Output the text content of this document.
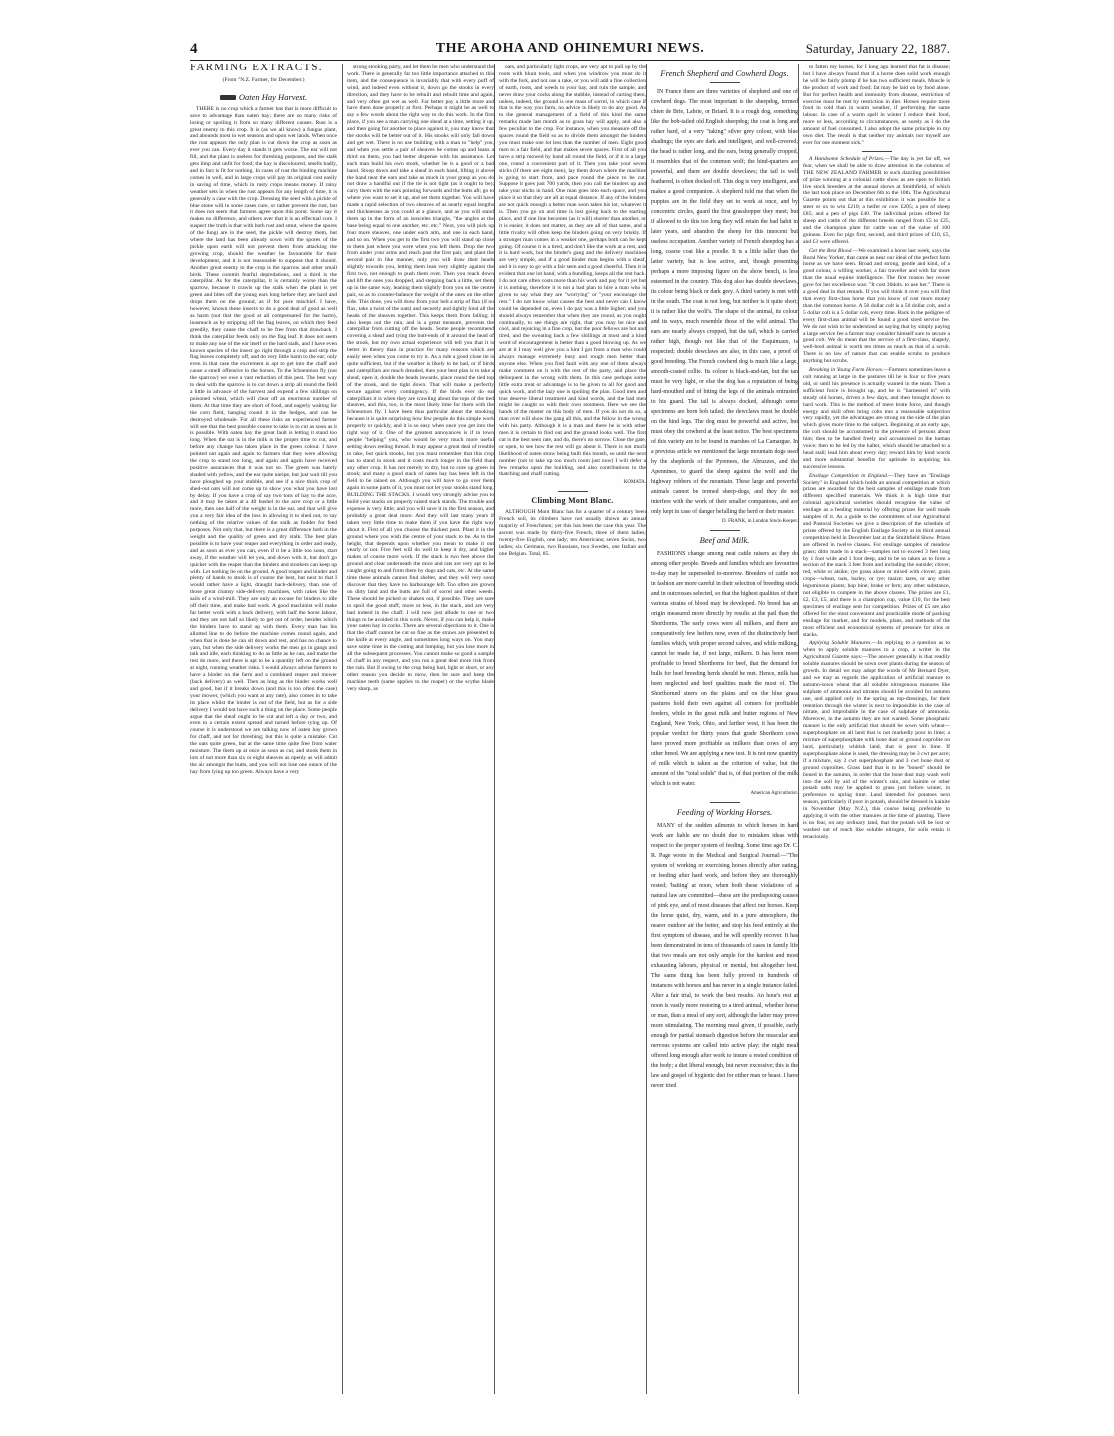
4	THE AROHA AND OHINEMURI NEWS.	Saturday, January 22, 1887.
FARMING EXTRACTS.
(From "N.Z. Farmer, for December.)
Oaten Hay Harvest.

THERE is no crop which a farmer has that is more difficult to save to advantage than oaten hay; there are so many risks of losing or spoiling it from so many different causes. Rust is a great enemy to this crop. It is (as we all know) a fungus plant, and abounds most in wet seasons and upon wet lands. When once the rust appears the only plan is cut down the crop as soon as ever you can. Every day it stands it gets worse. The ear will not fill, and the plant is useless for threshing purposes, and the stalk gets limp and unfit for food; the hay is discoloured, smells badly, and in fact is fit for nothing. In cases of rust the binding machine comes in well, and in large crops will pay its original cost easily in saving of time, which in rusty crops means money. If rainy weather sets in when the rust appears for any length of time, it is generally a case with the crop. Dressing the seed with a pickle of blue stone will in some cases cure, or rather prevent the rust, but it does not seem that farmers agree upon this point. Some say it makes no difference, and others aver that it is an effectual cure. I suspect the truth is that with both rust and smut, where the spores of the fungi are in the seed, the pickle will destroy them, but where the land has been already sown with the spores of the pickle upon earth will not prevent them from attacking the growing crop, should the weather be favourable for their development, and it is not reasonable to suppose that it should. Another great enemy to the crop is the sparrow and other small birds. These commit fearful depredations, and a third is the caterpillar. As for the caterpillar, it is certainly worse than the sparrow, because it crawls up the stalk when the plant is yet green and bites off the young ears long before they are hard and drops them on the ground, as if for pure mischief. I have, however, known these insects to do a good deal of good as well as harm (not that the good at all compensated for the harm), inasmuch as by stripping off the flag leaves, on which they feed greedily, they cause the chaff to be free from that drawback. I think the caterpillar feeds only on the flag leaf. It does not seem to make any use of the ear itself or the hard stalk, and I have even known species of the insect go right through a crop and strip the flag leaves completely off, and do very little harm to the ear; only even in that case the excrement is apt to get into the chaff and cause a smell offensive to the horses. To the Ichneumon fly (not the sparrow) we owe a vast reduction of this pest. The best way to deal with the sparrow is to cut down a strip all round the field a little in advance of the harvest and expend a few shillings on poisoned wheat, which will clear off an enormous number of them. At that time they are short of food, and eagerly waiting for the corn field, hanging round it in the hedges, and can be destroyed wholesale. For all these risks an experienced farmer will see that the best possible course to take is to cut as soon as it is possible. With oaten hay the great fault is letting it stand too long. When the oat is in the milk is the proper time to cut, and before any change has taken place in the green colour. I have pointed out again and again to farmers that they were allowing the crop to stand too long, and again and again have received positive assurances that it was not so. The green was barely shaded with yellow, and the ear quite unripe, but just wait till you have ploughed up your stubble, and see if a nice thick crop of shed-out oats will not come up to show you what you have lost by delay. If you have a crop of say two tons of hay to the acre, and it may be taken at a 40 bushel to the acre crop or a little more, then one half of the weight is in the ear, and that will give you a very fair idea of the loss in allowing it to shed out, to say nothing of the relative values of the stalk as fodder for feed purposes. Not only that, but there is a great difference both in the weight and the quality of green and dry stalk. The best plan possible is to have your reaper and everything in order and ready, and as soon as ever you can, even if it be a little too soon, start away, if the weather will let you, and down with it, but don't go quicker with the reaper than the binders and stookers can keep up with. Let nothing lie on the ground. A good reaper and binder and plenty of hands to stook is of course the best, but next to that I would rather have a light, draught back-delivery, than one of those great clumsy side-delivery machines, with rakes like the sails of a wind-mill. They are only an excuse for binders to idle off their time, and make bad work. A good machinist will make far better work with a back delivery, with half the horse labour, and they are not half so likely to get out of order, besides which the binders have to stand up with them. Every man has his allotted line to do before the machine comes round again, and when that is done he can sit down and rest, and has no chance to yarn, but when the side delivery works the men go in gangs and talk and idle, each thinking to do as little as he can, and make the rest do more, and there is apt to be a quantity left on the ground at night, running weather risks. I would always advise farmers to have a binder on the farm and a combined reaper and mower (back delivery) as well. Then as long as the binder works well and good, but if it breaks down (and this is too often the case) your mower, (which you want at any rate), also comes in to take its place whilst the binder is out of the field, but as for a side delivery I would not have such a thing on the place. Some people argue that the sheaf ought to be cut and left a day or two, and even to a certain extent spread and turned before tying up. Of course it is understood we are talking now of oaten hay grown for chaff, and not for threshing; but this is quite a mistake. Cut the oats quite green, but at the same time quite free from water moisture. The them up at once as soon as cut, and stook them in lots of not more than six or eight sheaves as openly as will admit the air amongst the butts, and you will not lose one ounce of the hay from lying up too green. Always have a very

strong stooking party, and let them be men who understand the work. There is generally far too little importance attached to this item, and the consequence is invariably that with every puff of wind, and indeed even without it, down go the stooks in every direction, and they have to be rebuilt and rebuilt time and again, and very often get wet as well. Far better pay a little more and have them done properly at first. Perhaps it might be as well to say a few words about the right way to do this work. In the first place, if you see a man carrying one sheaf at a time, setting it up, and then going for another to place against it, you may know that the stooks will be better out of it. His stooks will only fall down and get wet. There is no use building with a man to "help" you, and when you settle a pair of sheaves he comes up and leans a third on them, you had better dispense with his assistance. Let each man build his own stook, whether he is a good or a bad hand. Stoop down and take a sheaf in each hand, lifting it above the band near the ears and take as much in your grasp as you do not draw a handful out if the tie is not tight (as it ought to be); carry them with the ears pointing forwards and the butts aft; go to where you want to set it up, and set them together. You will have made a rapid selection of two sheaves of as nearly equal lengths and thicknesses as you could at a glance, and as you will stand them up in the form of an isosceles triangle, "the angles at the base being equal to one another, etc. etc." Next, you will pick up four more sheaves, one under each arm, and one in each hand, and so on. When you get to the first two you will stand up close to them just where you were when you left them. Drop the two from under your arms and reach past the first pair, and plant the second pair in like manner, only you will draw their heads slightly towards you, letting them lean very slightly against the first two, not enough to push them over. Then you reach down and lift the ones you dropped, and stepping back a little, set them up in the same way, leaning them slightly from you on the centre pair, so as to counter-balance the weight of the ones on the other side. This done, you will draw from your belt a strip of flax (if no flax, take a twist of the oats) and securely and tightly bind all the heads of the sheaves together. This keeps them from falling; it also keeps out the rain, and is a great measure, prevents the caterpillar from cutting off the heads. Some people recommend covering a sheaf and tying the butt-ends of it around the head of the stook, but my own actual experience will tell you that it is better in theory than in practice for many reasons which are easily seen when you come to try it. As a rule a good close tie is quite sufficient, but if the weather is likely to be bad, or if birds and caterpillars are much dreaded, then your best plan is to take a sheaf, open it, double the heads inwards, place round the tied top of the stook, and tie tight down. That will make a perfectly secure against every contingency. If the birds ever do eat caterpillars it is when they are crawling about the tops of the tied sheaves, and this, too, is the most likely time for them with the Ichneumon fly. I have been thus particular about the stooking because it is quite surprising how few people do this simple work properly or quickly, and it is so easy when once you get into the right way of it. One of the greatest annoyances is if in town people "helping" you, who would be very much more useful setting down reeling thread. It may appear a great deal of trouble to take, but quick stooks, but you must remember that this crop has to stand in stook and it costs much longer in the field than any other crop. It has not merely to dry, but to cure up green in stook; and many a good stack of oaten hay has been left in the field to be rained on. Although you will have to go over them again in some parts of it, you must not let your stooks stand long. BUILDING THE STACKS. I would very strongly advise you to build your stacks on properly raised stack stands. The trouble and expense is very little, and you will save it in the first season, and probably a great deal more. And they will last many years if taken very little time to make them if you have the right way about it. First of all you choose the thickest post. Plant it in the ground where you wish the centre of your stack to be. As to the height, that depends upon whether you mean to make it out yearly or not. Five feet will do well to keep it dry, and higher makes of course more work. If the stack is two feet above the ground and clear underneath the mice and rats are very apt to be caught going to and from there by dogs and cats, etc. At the same time these animals cannot find shelter, and they will very soon discover that they have no harbourage left. Too often are grown on dirty land and the butts are full of sorrel and other weeds. These should be picked or shaken out, if possible. They are sure to spoil the good stuff, more or less, in the stack, and are very bad indeed in the chaff. I will now just allude to one or two things to be avoided in this work. Never, if you can help it, make your oaten hay in cocks. There are several objections to it. One is that the chaff cannot be cut so fine as the straws are presented to the knife at every angle, and sometimes long ways on. You may save some time in the cutting and lumping, but you lose more in all the subsequent processes. You cannot make so good a sample of chaff in any respect, and you run a great deal more risk from the rain. But if owing to the crop being bad, light or short, or any other reason you decide to mow, then be sure and keep the machine teeth (same applies to the reaper) or the scythe blade very sharp, as

oats, and particularly light crops, are very apt to pull up by the roots with blunt tools, and when you windrow you must do it with the fork, and not use a rake, or you will add a fine collection of earth, roots, and weeds to your hay, and ruin the sample, and never draw your cocks along the stubble, instead of carting them, unless, indeed, the ground is one mass of sorrel, in which case if that is the way you farm, no advice is likely to do any good. As to the general management of a field of this kind the same remarks made last month as to grass hay will apply, and also a few peculiar to the crop. For instance, when you measure off the spaces round the field so as to divide them amongst the binders you must make one lot less than the number of men. Eight good men to a fair field, and that makes seven spaces. First of all you have a strip mowed by hand all round the field, or if it is a large one, round a convenient part of it. Then you take your seven sticks (if there are eight men), lay them down where the machine is going to start from, and pace round the piece to be cut. Suppose it goes just 700 yards, then you call the binders up and take your sticks in hand. One man goes into each space, and you place it so that they are all at equal distance. If any of the binders are not quick enough a better man soon takes his lot, whatever it is. Then you go on and time is lost going back to the starting place, and if one line becomes (as it will) shorter than another, or it is easier, it does not matter, as they are all of that same, and a little rivalry will often keep the binders going on very briskly. If a stronger man comes in a weaker one, perhaps both can be kept going. Of course it is a tired, and don't like the work at a rest, and it is hard work, but the binder's gang and the delivery machines are very simple, and if a good binder man begins with a sheaf, and it is easy to go with a fair seen and a good cheerful. Then it is evident that one lot hand, with a bundling, keeps all the rest back. I do not care often costs more than his work and pay for it yet but it is nothing, therefore it is not a bad plan to hire a man who is given to say what they are "worrying" or "your encourage the rest." I do not know what causes the best and never can I know could be depended on, even I do pay was a little higher; and you should always remember that when they are round, as you ought continually, to see things are right, that you may be nice and cool, and rejoicing in a fine crop, but the poor fellows are hot and tired, and the sweating back a few shillings at most and a kind word of encouragement is better than a good blowing up. As we are at it I may well give you a hint I got from a man who could always manage extremely busy and rough men better than anyone else. When you find fault with any one of them always make comment on it with the rest of the party, and place the delinquent in the wrong with them. In this case perhaps some little extra treat or advantage is to be given to all for good and quick work, and the lazy one is spoiling the plan. Good men and true deserve liberal treatment and kind words, and the bad men might be caught so with their own stoutness. Here we see the hands of the master on this body of men. If you do not do so, a man over will show the gang all this, and the fellow in the wrong with his party. Although it is a man and there he is with other men it is certain to find out and the ground looks well. The first cut is the best seen rate, and do, there's no sorrow. Close the gate, or open, to see how the rest will go about it. There is not much likelihood of oaten straw being built this month, so until the next number (not to take up too much room just now) I will defer a few remarks upon the building, and also contributions to the thatching and chaff cutting.

KOMATA.
Climbing Mont Blanc.

ALTHOUGH Mont Blanc has for a quarter of a century been French soil, its climbers have not usually shown an annual majority of Frenchmen; yet this has been the case this year. The ascent was made by thirty-five French, three of them ladies; twenty-five English, one lady; ten Americans; seven Swiss, two ladies; six Germans, two Russians, two Swedes, one Italian and one Belgian. Total, 85.

French Shepherd and Cowherd Dogs.

IN France there are three varieties of shepherd and one of cowherd dogs. The most important is the sheepdog, termed chien de Brie, Labrie, or Briard. It is a rough dog, something like the bob-tailed old English sheepdog; the coat is long and rather hard, of a very "taking" silver grey colour, with blue shadings; the eyes are dark and intelligent, and well-covered; the head is rather long, and the ears, being generally cropped, it resembles that of the common wolf; the hind-quarters are powerful, and there are double dewclaws; the tail is well feathered, is often docked off. This dog is very intelligent, and makes a good companion. A shepherd told me that when the puppies are in the field they set to work at once, and by concentric circles, guard the first grasshopper they meet; but if allowed to do this too long they will retain the bad habit in later years, and abandon the sheep for this innocent but useless occupation. Another variety of French sheepdog has a long, coarse coat like a poodle. It is a little taller than the latter variety, but is less active, and, though presenting perhaps a more imposing figure on the show bench, is less esteemed in the country. This dog also has double dewclaws, its colour being black or dark grey. A third variety is met with in the south. The coat is not long, but neither is it quite short; it is rather like the wolf's. The shape of the animal, its colour and its ways, much resemble those of the wild animal. The ears are nearly always cropped, but the tail, which is carried rather high, though not like that of the Esquimaux, is respected; double dewclaws are also, in this case, a proof of good breeding. The French cowherd dog is much like a large, smooth-coated collie. Its colour is black-and-tan, but the tan must be very light, or else the dog has a reputation of being hard-mouthed and of biting the legs of the animals entrusted to his guard. The tail is always docked, although some specimens are born bob tailed; the dewclaws must be double on the hind legs. The dog must be powerful and active, but must obey the cowherd at the least notice. The best specimens of this variety are to be found in marshes of La Camargue. In a previous article we mentioned the large mountain dogs used by the shepherds of the Pyrenees, the Abruzzes, and the Apennines, to guard the sheep against the wolf and the highway robbers of the mountain. These large and powerful animals cannot be termed sheep-dogs, and they do not interfere with the work of their smaller companions, and are only kept in case of danger befalling the herd or their master.

D. FRANK, in London Stock-Keeper.
Beef and Milk.

FASHIONS change among neat cattle raisers as they do among other people. Breeds and families which are favourites to-day may be superseded to-morrow. Breeders of cattle not in fashion are more careful in their selection of breeding stock and in outcrosses selected, so that the highest qualities of their various strains of blood may be developed. No breed has an origin measured more directly by results at the pail than the Shorthorns. The early cows were all milkers, and there are comparatively few heifers now, even of the distinctively beef families which, with proper second calves, and while milking, cannot be made fat, if not large, milkers. It has been more profitable to breed Shorthorns for beef, that the demand for bulls for beef breeding herds should be met. Hence, milk has been neglected and beef qualities made the most of. The Shorthorned steers on the plains and on the blue grass pastures hold their own against all comers for profitable feeders, while in the great milk and butter regions of New England, New York, Ohio, and farther west, it has been the popular verdict for thirty years that grade Shorthorn cows have proved more profitable as milkers than cows of any other breed. We are applying a new test. It is not now quantity of milk which is taken as the criterion of value, but the amount of the "total solids" that is, of that portion of the milk which is not water.

American Agriculturist.
Feeding of Working Horses.

MANY of the sudden ailments to which horses in hard work are liable are no doubt due to mistaken ideas with respect to the proper system of feeding. Some time ago Dr. C. R. Page wrote in the Medical and Surgical Journal:—"The system of working or exercising horses directly after eating, or feeding after hard work, and before they are thoroughly rested; 'baiting' at noon, when both these violations of a natural law are committed—these are the predisposing causes of pink eye, and of most diseases that affect our horses. Keep the horse quiet, dry, warm, and in a pure atmosphere, the nearer outdoor air the better, and stop his feed entirely at the first symptom of disease, and he will speedily recover. It has been demonstrated in tens of thousands of cases in family life that two meals are not only ample for the hardest and most exhausting labours, physical or mental, but altogether best. The same thing has been fully proved in hundreds of instances with horses and has never in a single instance failed. After a fair trial, to work the best results. An hour's rest at noon is vastly more restoring to a tired animal, whether horse or man, than a meal of any sort, although the latter may prove more stimulating. The morning meal given, if possible, early enough for partial stomach digestion before the muscular and nervous systems are called into active play; the night meal offered long enough after work to insure a rested condition of the body; a diet liberal enough, but never excessive; this is the law and gospel of hygienic diet for either man or beast. I have never tried

to fatten my horses, for I long ago learned that fat is disease; but I have always found that if a horse does solid work enough he will be fairly plump if he has two sufficient meals. Muscle is the product of work and food; fat may be laid on by food alone. But for perfect health and immunity from disease, restriction of exercise must be met by restriction in diet. Horses require more food in cold than in warm weather, if performing the same labour. In case of a warm spell in winter I reduce their food, more or less, according to circumstances, as surely as I do the amount of fuel consumed. I also adopt the same principle in my own diet. The result is that neither my animals nor myself are ever for one moment sick."

A Handsome Schedule of Prizes.—The day is yet far off, we fear, when we shall be able to draw attention in the columns of THE NEW ZEALAND FARMER to such dazzling possibilities of prize winning at a colonial cattle show as are open to British live stock breeders at the annual shows at Smithfield, of which the last took place on December 6th to the 10th. The Agricultural Gazette points out that at this exhibition it was possible for a steer or ox to win £210; a heifer or cow £205; a pen of sheep £85; and a pen of pigs £40. The individual prizes offered for sheep and cattle of the different breeds ranged from £5 to £25, and the champion plate for cattle was of the value of 100 guineas. Even for pigs first, second, and third prizes of £10, £5, and £3 were offered.

Get the Best Blood.—We examined a horse last week, says the Rural New Yorker, that came as near our ideal of the perfect farm horse as we have seen. Broad and strong, gentle and kind, of a good colour, a willing worker, a fair traveller and with far more than the usual equine intelligence. The first reason her owner gave for her excellence was: "It cost 30dols. to use her." There is a good deal in that remark. If you will think it over you will find that every first-class horse that you know of cost more money than the common horse. A 50 dollar colt is a 50 dollar colt, and a 5 dollar colt is a 5 dollar colt, every time. Back in the pedigree of every first-class animal will be found a good sired service fee. We do not wish to be understood as saying that by simply paying a large service fee a farmer may consider himself sure to secure a good colt. We do mean that the service of a first-class, shapely, well-bred animal is worth ten times as much as that of a scrub. There is no law of nature that can enable scrubs to produce anything but scrubs.

Breaking in Young Farm Horses.—Farmers sometimes leave a colt running at large in the pastures till he is four or five years old, or until his presence is actually wanted in the team. Then a sufficient force is brought up, and he is "harnessed in" with steady old horses, driven a few days, and then brought down to hard work. This is the method of mere brute force, and though energy and skill often bring colts into a reasonable subjection very rapidly, yet the advantages are strong on the side of the plan which gives more time to the subject. Beginning at an early age, the colt should be accustomed to the presence of persons about him; then to be handled freely and accustomed to the human voice; then to be led by the halter, which should be attached to a head stall; lead him about every day; reward him by kind words and more substantial benefits for aptitude in acquiring his successive lessons.

Ensilage Competition in England.—They have an "Ensilage Society" in England which holds an annual competition at which prizes are awarded for the best samples of ensilage made from different specified materials. We think it is high time that colonial agricultural societies should recognise the value of ensilage as a feeding material by offering prizes for well made samples of it. As a guide to the committees of our Agricultural and Pastoral Societies we give a description of the schedule of prizes offered by the English Ensilage Society at its third annual competition held in December last at the Smithfield Show. Prizes are offered in twelve classes. For ensilage samples of meadow grass; ditto made in a stack—samples not to exceed 3 feet long by 1 foot wide and 1 foot deep, and to be so taken as to form a section of the stack 3 feet from and including the outside; clover, red, white or alsike; rye grass alone or mixed with clover; grain crops—wheat, oats, barley, or rye; maize; tares, or any other leguminous plants; hop bine; brake or fern; any other substance, not eligible to compete in the above classes. The prizes are £1, £2, £3, £5, and there is a champion cup, value £10, for the best specimen of ensilage sent for competition. Prizes of £5 are also offered for the most convenient and practicable mode of packing ensilage for market, and for models, plans, and methods of the most efficient and economical systems of pressure for silos or stacks.

Applying Soluble Manures.—In replying to a question as to when to apply soluble manures to a crop, a writer in the Agricultural Gazette says:—The answer generally is that readily soluble manures should be sown over plants during the season of growth. In detail we may adopt the words of Mr Bernard Dyer, and we may as regards the application of artificial manure to autumn-sown wheat that all soluble nitrogenous manures like sulphate of ammonia and nitrates should be avoided for autumn use, and applied only in the spring as top-dressings, for their retention through the winter is next to impossible in the case of nitrate, and improbable in the case of sulphate of ammonia. Moreover, in the autumn they are not wanted. Some phosphatic manure is the only artificial that should be sown with wheat—superphosphate on all land that is not markedly poor in lime; a mixture of superphosphate with bone dust or ground coprolite on land, particularly whitish land, that is poor in lime. If superphosphate alone is used, the dressing may be 3 cwt per acre; if a mixture, say 2 cwt superphosphate and 3 cwt bone dust or ground coprolites. Grass land that is to be "boned" should be boned in the autumn, in order that the bone dust may wash well into the soil by aid of the winter's rain, and kainite or other potash salts may be applied to grass just before winter, in preference to spring time. Land intended for potatoes next season, particularly if poor in potash, should be dressed in kainite in November (May N.Z.), this course being preferable to applying it with the other manures at the time of planting. There is no fear, on any ordinary land, that the potash will be lost or washed out of reach like soluble nitrogen, for soils retain it tenaciously.
